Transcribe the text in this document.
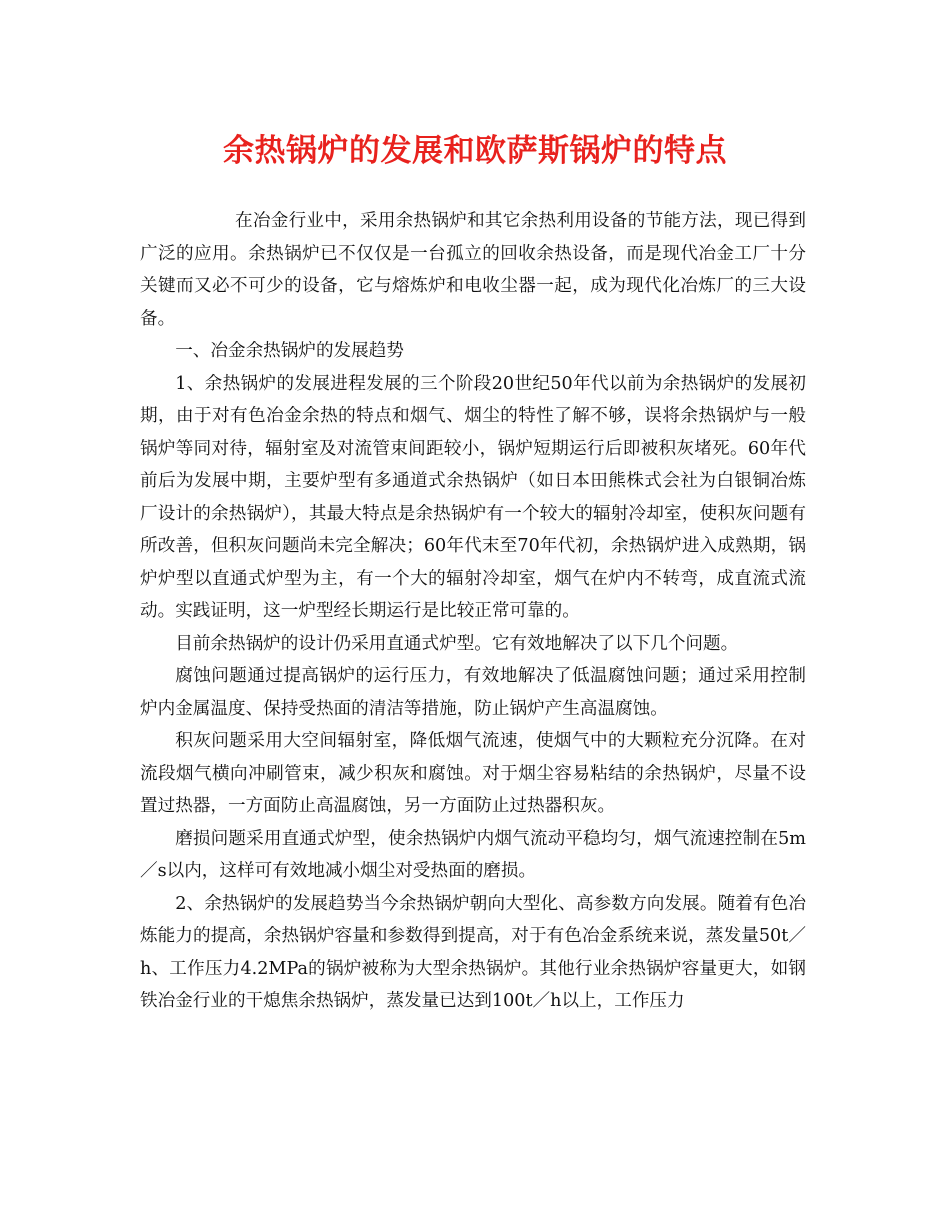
余热锅炉的发展和欧萨斯锅炉的特点

在冶金行业中，采用余热锅炉和其它余热利用设备的节能方法，现已得到广泛的应用。余热锅炉已不仅仅是一台孤立的回收余热设备，而是现代冶金工厂十分关键而又必不可少的设备，它与熔炼炉和电收尘器一起，成为现代化冶炼厂的三大设备。

一、冶金余热锅炉的发展趋势

1、余热锅炉的发展进程发展的三个阶段20世纪50年代以前为余热锅炉的发展初期，由于对有色冶金余热的特点和烟气、烟尘的特性了解不够，误将余热锅炉与一般锅炉等同对待，辐射室及对流管束间距较小，锅炉短期运行后即被积灰堵死。60年代前后为发展中期，主要炉型有多通道式余热锅炉（如日本田熊株式会社为白银铜冶炼厂设计的余热锅炉），其最大特点是余热锅炉有一个较大的辐射冷却室，使积灰问题有所改善，但积灰问题尚未完全解决；60年代末至70年代初，余热锅炉进入成熟期，锅炉炉型以直通式炉型为主，有一个大的辐射冷却室，烟气在炉内不转弯，成直流式流动。实践证明，这一炉型经长期运行是比较正常可靠的。

目前余热锅炉的设计仍采用直通式炉型。它有效地解决了以下几个问题。

腐蚀问题通过提高锅炉的运行压力，有效地解决了低温腐蚀问题；通过采用控制炉内金属温度、保持受热面的清洁等措施，防止锅炉产生高温腐蚀。

积灰问题采用大空间辐射室，降低烟气流速，使烟气中的大颗粒充分沉降。在对流段烟气横向冲刷管束，减少积灰和腐蚀。对于烟尘容易粘结的余热锅炉，尽量不设置过热器，一方面防止高温腐蚀，另一方面防止过热器积灰。

磨损问题采用直通式炉型，使余热锅炉内烟气流动平稳均匀，烟气流速控制在5m／s以内，这样可有效地减小烟尘对受热面的磨损。

2、余热锅炉的发展趋势当今余热锅炉朝向大型化、高参数方向发展。随着有色冶炼能力的提高，余热锅炉容量和参数得到提高，对于有色冶金系统来说，蒸发量50t／h、工作压力4.2MPa的锅炉被称为大型余热锅炉。其他行业余热锅炉容量更大，如钢铁冶金行业的干熄焦余热锅炉，蒸发量已达到100t／h以上，工作压力
